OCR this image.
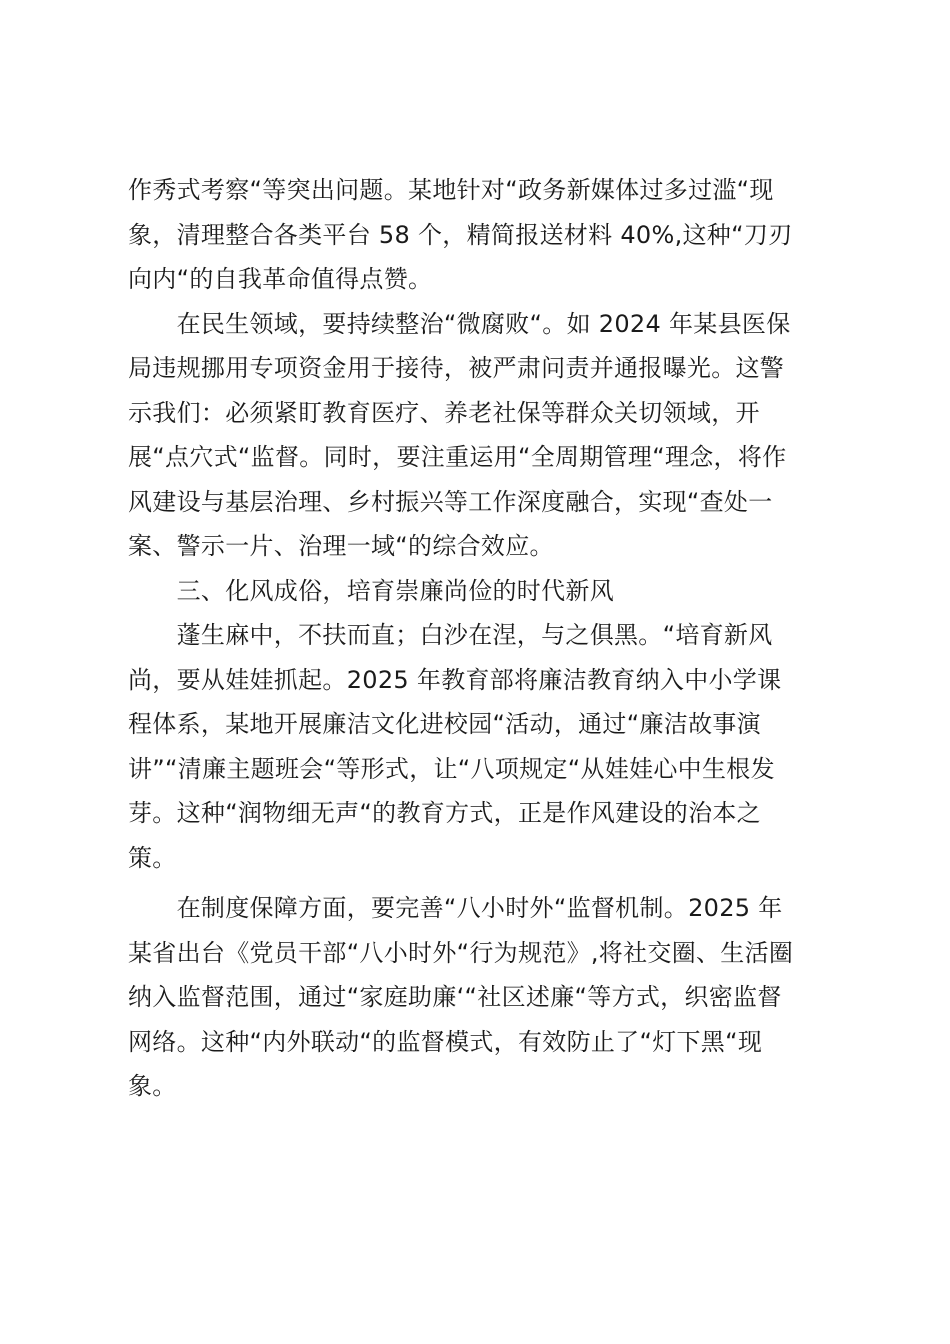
作秀式考察“等突出问题。某地针对“政务新媒体过多过滥“现
象，清理整合各类平台 58 个，精简报送材料 40%,这种“刀刃
向内“的自我革命值得点赞。
　　在民生领域，要持续整治“微腐败“。如 2024 年某县医保
局违规挪用专项资金用于接待，被严肃问责并通报曝光。这警
示我们：必须紧盯教育医疗、养老社保等群众关切领域，开
展“点穴式“监督。同时，要注重运用“全周期管理“理念，将作
风建设与基层治理、乡村振兴等工作深度融合，实现“查处一
案、警示一片、治理一域“的综合效应。
　　三、化风成俗，培育崇廉尚俭的时代新风
　　蓬生麻中，不扶而直；白沙在涅，与之俱黑。“培育新风
尚，要从娃娃抓起。2025 年教育部将廉洁教育纳入中小学课
程体系，某地开展廉洁文化进校园“活动，通过“廉洁故事演
讲”“清廉主题班会“等形式，让“八项规定“从娃娃心中生根发
芽。这种“润物细无声“的教育方式，正是作风建设的治本之
策。
　　在制度保障方面，要完善“八小时外“监督机制。2025 年
某省出台《党员干部“八小时外“行为规范》,将社交圈、生活圈
纳入监督范围，通过“家庭助廉‘“社区述廉“等方式，织密监督
网络。这种“内外联动“的监督模式，有效防止了“灯下黑“现
象。
